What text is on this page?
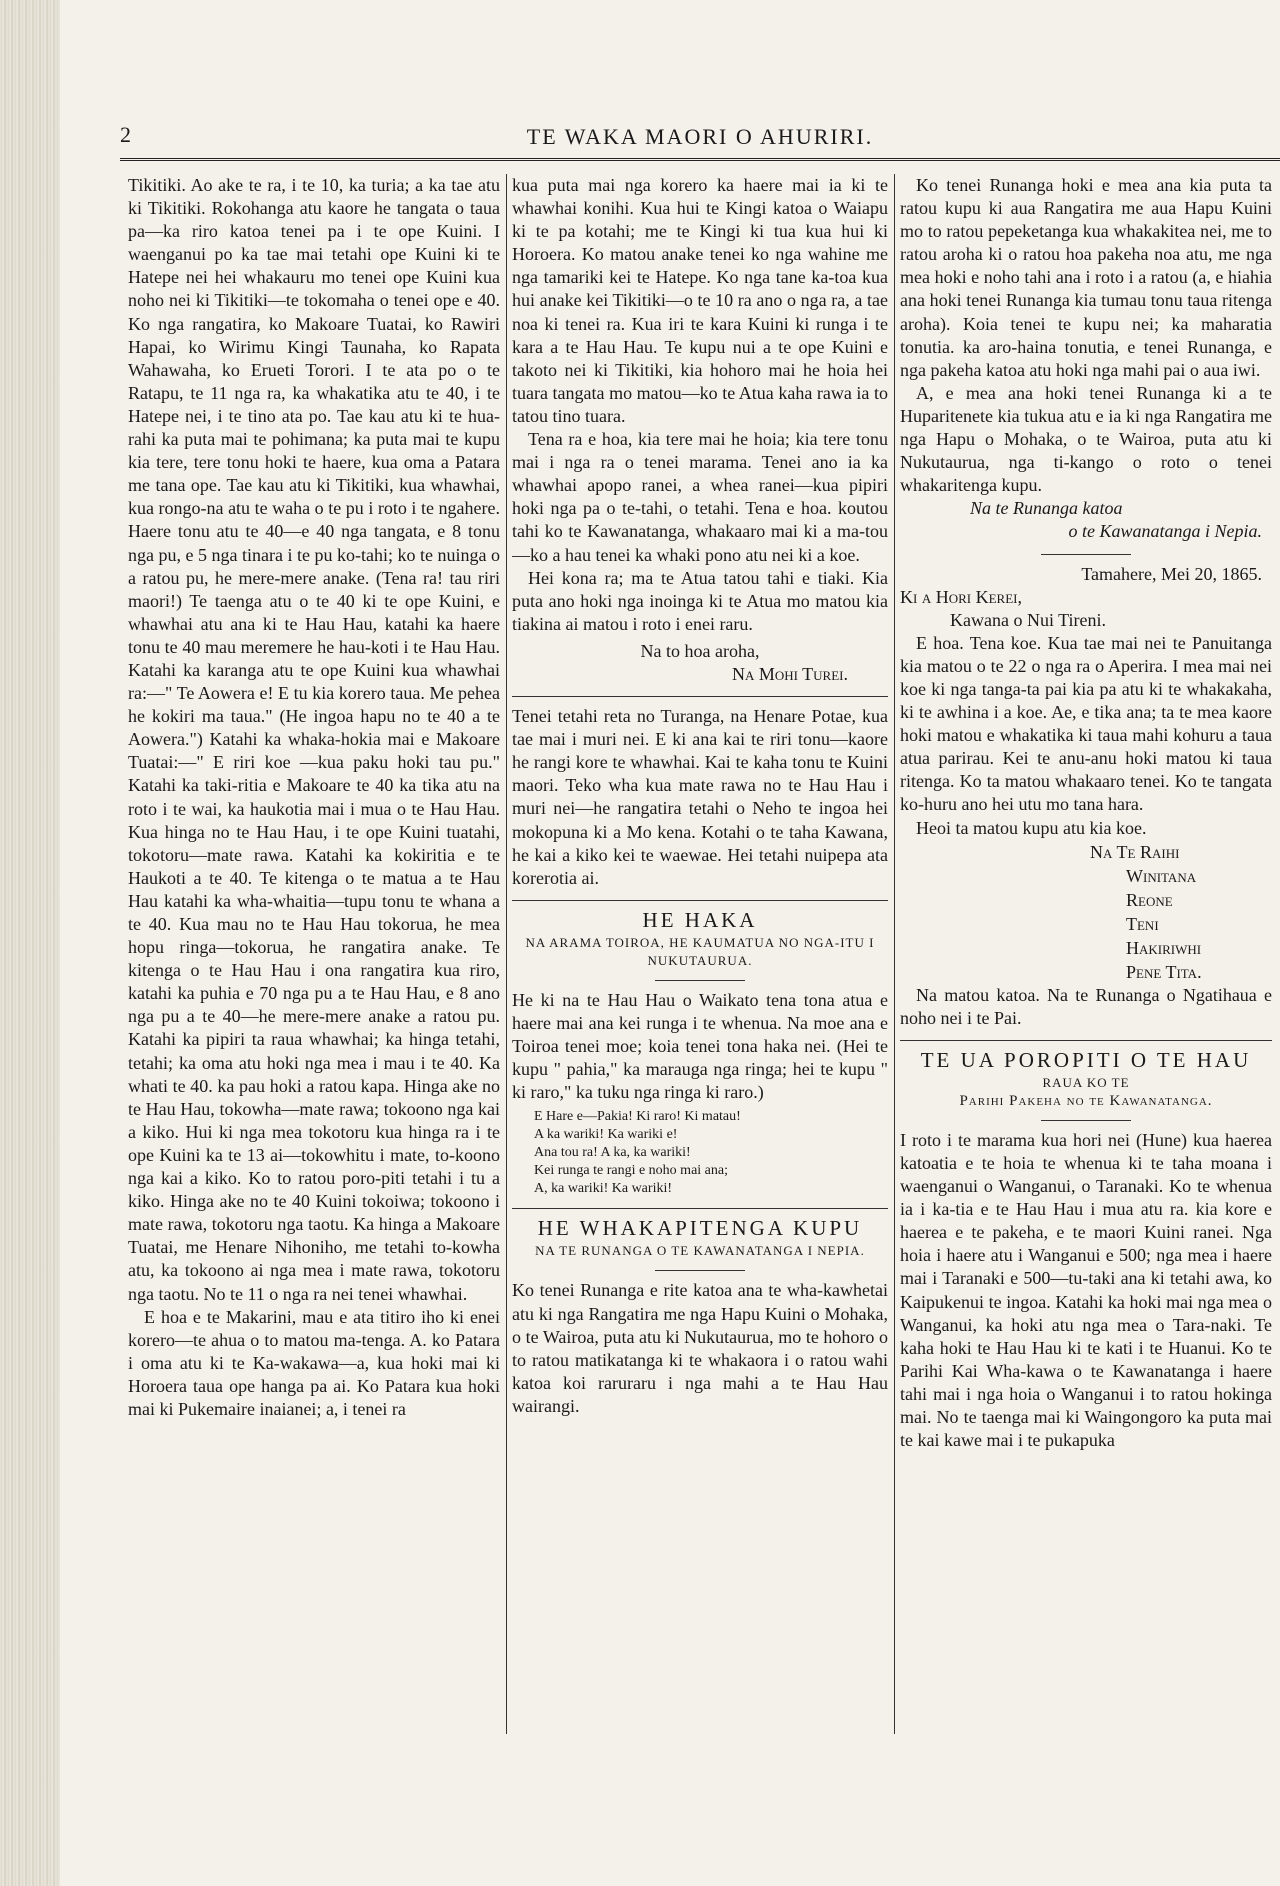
2	TE WAKA MAORI O AHURIRI.

Tikitiki. Ao ake te ra, i te 10, ka turia; a ka tae atu ki Tikitiki. Rokohanga atu kaore he tangata o taua pa—ka riro katoa tenei pa i te ope Kuini. I waenganui po ka tae mai tetahi ope Kuini ki te Hatepe nei hei whakauru mo tenei ope Kuini kua noho nei ki Tikitiki—te tokomaha o tenei ope e 40. Ko nga rangatira, ko Makoare Tuatai, ko Rawiri Hapai, ko Wirimu Kingi Taunaha, ko Rapata Wahawaha, ko Erueti Torori. I te ata po o te Ratapu, te 11 nga ra, ka whakatika atu te 40, i te Hatepe nei, i te tino ata po. Tae kau atu ki te hua-rahi ka puta mai te pohimana; ka puta mai te kupu kia tere, tere tonu hoki te haere, kua oma a Patara me tana ope. Tae kau atu ki Tikitiki, kua whawhai, kua rongo-na atu te waha o te pu i roto i te ngahere. Haere tonu atu te 40—e 40 nga tangata, e 8 tonu nga pu, e 5 nga tinara i te pu ko-tahi; ko te nuinga o a ratou pu, he mere-mere anake. (Tena ra! tau riri maori!) Te taenga atu o te 40 ki te ope Kuini, e whawhai atu ana ki te Hau Hau, katahi ka haere tonu te 40 mau meremere he hau-koti i te Hau Hau. Katahi ka karanga atu te ope Kuini kua whawhai ra:—" Te Aowera e! E tu kia korero taua. Me pehea he kokiri ma taua." (He ingoa hapu no te 40 a te Aowera.") Katahi ka whaka-hokia mai e Makoare Tuatai:—" E riri koe —kua paku hoki tau pu." Katahi ka taki-ritia e Makoare te 40 ka tika atu na roto i te wai, ka haukotia mai i mua o te Hau Hau. Kua hinga no te Hau Hau, i te ope Kuini tuatahi, tokotoru—mate rawa. Katahi ka kokiritia e te Haukoti a te 40. Te kitenga o te matua a te Hau Hau katahi ka wha-whaitia—tupu tonu te whana a te 40. Kua mau no te Hau Hau tokorua, he mea hopu ringa—tokorua, he rangatira anake. Te kitenga o te Hau Hau i ona rangatira kua riro, katahi ka puhia e 70 nga pu a te Hau Hau, e 8 ano nga pu a te 40—he mere-mere anake a ratou pu. Katahi ka pipiri ta raua whawhai; ka hinga tetahi, tetahi; ka oma atu hoki nga mea i mau i te 40. Ka whati te 40. ka pau hoki a ratou kapa. Hinga ake no te Hau Hau, tokowha—mate rawa; tokoono nga kai a kiko. Hui ki nga mea tokotoru kua hinga ra i te ope Kuini ka te 13 ai—tokowhitu i mate, to-koono nga kai a kiko. Ko to ratou poro-piti tetahi i tu a kiko. Hinga ake no te 40 Kuini tokoiwa; tokoono i mate rawa, tokotoru nga taotu. Ka hinga a Makoare Tuatai, me Henare Nihoniho, me tetahi to-kowha atu, ka tokoono ai nga mea i mate rawa, tokotoru nga taotu. No te 11 o nga ra nei tenei whawhai.

E hoa e te Makarini, mau e ata titiro iho ki enei korero—te ahua o to matou ma-tenga. A. ko Patara i oma atu ki te Ka-wakawa—a, kua hoki mai ki Horoera taua ope hanga pa ai. Ko Patara kua hoki mai ki Pukemaire inaianei; a, i tenei ra

kua puta mai nga korero ka haere mai ia ki te whawhai konihi. Kua hui te Kingi katoa o Waiapu ki te pa kotahi; me te Kingi ki tua kua hui ki Horoera. Ko matou anake tenei ko nga wahine me nga tamariki kei te Hatepe. Ko nga tane ka-toa kua hui anake kei Tikitiki—o te 10 ra ano o nga ra, a tae noa ki tenei ra. Kua iri te kara Kuini ki runga i te kara a te Hau Hau. Te kupu nui a te ope Kuini e takoto nei ki Tikitiki, kia hohoro mai he hoia hei tuara tangata mo matou—ko te Atua kaha rawa ia to tatou tino tuara.

Tena ra e hoa, kia tere mai he hoia; kia tere tonu mai i nga ra o tenei marama. Tenei ano ia ka whawhai apopo ranei, a whea ranei—kua pipiri hoki nga pa o te-tahi, o tetahi. Tena e hoa. koutou tahi ko te Kawanatanga, whakaaro mai ki a ma-tou—ko a hau tenei ka whaki pono atu nei ki a koe.

Hei kona ra; ma te Atua tatou tahi e tiaki. Kia puta ano hoki nga inoinga ki te Atua mo matou kia tiakina ai matou i roto i enei raru.

Na to hoa aroha,

Na Mohi Turei.

Tenei tetahi reta no Turanga, na Henare Potae, kua tae mai i muri nei. E ki ana kai te riri tonu—kaore he rangi kore te whawhai. Kai te kaha tonu te Kuini maori. Teko wha kua mate rawa no te Hau Hau i muri nei—he rangatira tetahi o Neho te ingoa hei mokopuna ki a Mo kena. Kotahi o te taha Kawana, he kai a kiko kei te waewae. Hei tetahi nuipepa ata korerotia ai.

HE HAKA
NA ARAMA TOIROA, HE KAUMATUA NO NGA-ITU I NUKUTAURUA.

He ki na te Hau Hau o Waikato tena tona atua e haere mai ana kei runga i te whenua. Na moe ana e Toiroa tenei moe; koia tenei tona haka nei. (Hei te kupu " pahia," ka marauga nga ringa; hei te kupu " ki raro," ka tuku nga ringa ki raro.)

E Hare e—Pakia! Ki raro! Ki matau!
A ka wariki! Ka wariki e!
Ana tou ra! A ka, ka wariki!
Kei runga te rangi e noho mai ana;
A, ka wariki! Ka wariki!
HE WHAKAPITENGA KUPU
NA TE RUNANGA O TE KAWANATANGA I NEPIA.

Ko tenei Runanga e rite katoa ana te wha-kawhetai atu ki nga Rangatira me nga Hapu Kuini o Mohaka, o te Wairoa, puta atu ki Nukutaurua, mo te hohoro o to ratou matikatanga ki te whakaora i o ratou wahi katoa koi raruraru i nga mahi a te Hau Hau wairangi.

Ko tenei Runanga hoki e mea ana kia puta ta ratou kupu ki aua Rangatira me aua Hapu Kuini mo to ratou pepeketanga kua whakakitea nei, me to ratou aroha ki o ratou hoa pakeha noa atu, me nga mea hoki e noho tahi ana i roto i a ratou (a, e hiahia ana hoki tenei Runanga kia tumau tonu taua ritenga aroha). Koia tenei te kupu nei; ka maharatia tonutia. ka aro-haina tonutia, e tenei Runanga, e nga pakeha katoa atu hoki nga mahi pai o aua iwi.

A, e mea ana hoki tenei Runanga ki a te Huparitenete kia tukua atu e ia ki nga Rangatira me nga Hapu o Mohaka, o te Wairoa, puta atu ki Nukutaurua, nga ti-kango o roto o tenei whakaritenga kupu.

Na te Runanga katoa

o te Kawanatanga i Nepia.

Tamahere, Mei 20, 1865.

Ki a Hori Kerei,

Kawana o Nui Tireni.

E hoa. Tena koe. Kua tae mai nei te Panuitanga kia matou o te 22 o nga ra o Aperira. I mea mai nei koe ki nga tanga-ta pai kia pa atu ki te whakakaha, ki te awhina i a koe. Ae, e tika ana; ta te mea kaore hoki matou e whakatika ki taua mahi kohuru a taua atua parirau. Kei te anu-anu hoki matou ki taua ritenga. Ko ta matou whakaaro tenei. Ko te tangata ko-huru ano hei utu mo tana hara.

Heoi ta matou kupu atu kia koe.

Na Te Raihi
Winitana
Reone
Teni
Hakiriwhi
Pene Tita.

Na matou katoa. Na te Runanga o Ngatihaua e noho nei i te Pai.

TE UA POROPITI O TE HAU
RAUA KO TE
Parihi Pakeha no te Kawanatanga.

I roto i te marama kua hori nei (Hune) kua haerea katoatia e te hoia te whenua ki te taha moana i waenganui o Wanganui, o Taranaki. Ko te whenua ia i ka-tia e te Hau Hau i mua atu ra. kia kore e haerea e te pakeha, e te maori Kuini ranei. Nga hoia i haere atu i Wanganui e 500; nga mea i haere mai i Taranaki e 500—tu-taki ana ki tetahi awa, ko Kaipukenui te ingoa. Katahi ka hoki mai nga mea o Wanganui, ka hoki atu nga mea o Tara-naki. Te kaha hoki te Hau Hau ki te kati i te Huanui. Ko te Parihi Kai Wha-kawa o te Kawanatanga i haere tahi mai i nga hoia o Wanganui i to ratou hokinga mai. No te taenga mai ki Waingongoro ka puta mai te kai kawe mai i te pukapuka
